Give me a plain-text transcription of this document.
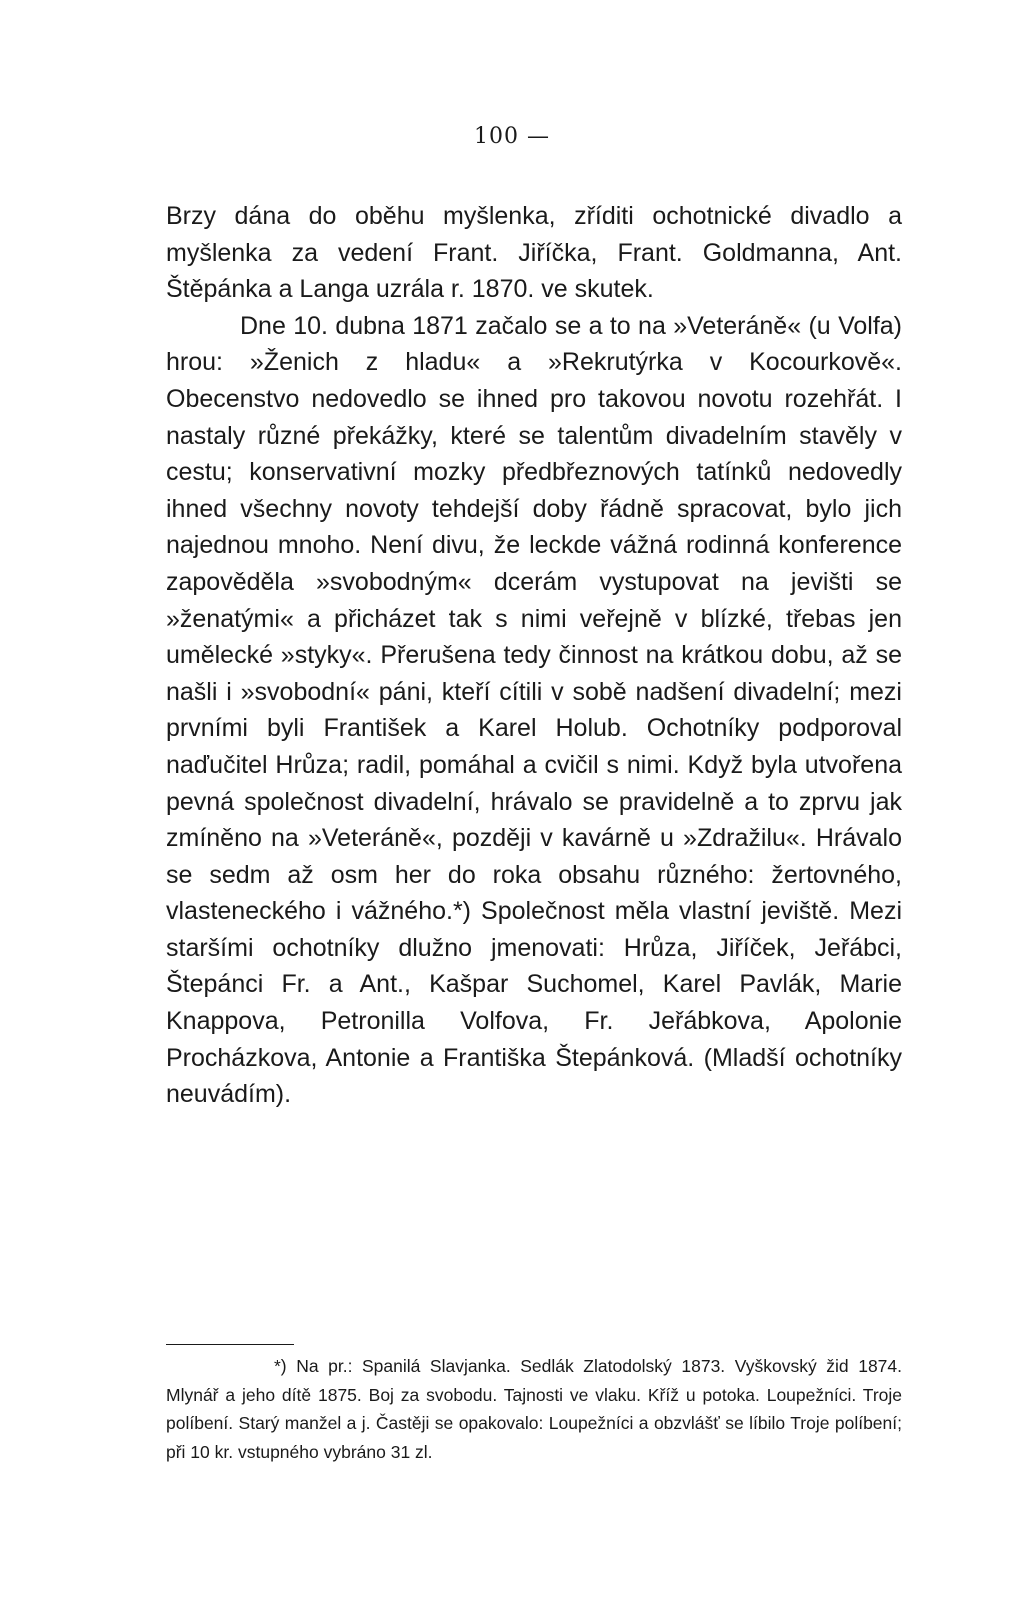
100 —

Brzy dána do oběhu myšlenka, zříditi ochotnické divadlo a myšlenka za vedení Frant. Jiříčka, Frant. Goldmanna, Ant. Štěpánka a Langa uzrála r. 1870. ve skutek.

Dne 10. dubna 1871 začalo se a to na »Veteráně« (u Volfa) hrou: »Ženich z hladu« a »Rekrutýrka v Kocourkově«. Obecenstvo nedovedlo se ihned pro takovou novotu rozehřát. I nastaly různé překážky, které se talentům divadelním stavěly v cestu; konservativní mozky předbřeznových tatínků nedovedly ihned všechny novoty tehdejší doby řádně spracovat, bylo jich najednou mnoho. Není divu, že leckde vážná rodinná konference zapověděla »svobodným« dcerám vystupovat na jevišti se »ženatými« a přicházet tak s nimi veřejně v blízké, třebas jen umělecké »styky«. Přerušena tedy činnost na krátkou dobu, až se našli i »svobodní« páni, kteří cítili v sobě nadšení divadelní; mezi prvními byli František a Karel Holub. Ochotníky podporoval naďučitel Hrůza; radil, pomáhal a cvičil s nimi. Když byla utvořena pevná společnost divadelní, hrávalo se pravidelně a to zprvu jak zmíněno na »Veteráně«, později v kavárně u »Zdražilu«. Hrávalo se sedm až osm her do roka obsahu různého: žertovného, vlasteneckého i vážného.*) Společnost měla vlastní jeviště. Mezi staršími ochotníky dlužno jmenovati: Hrůza, Jiříček, Jeřábci, Štepánci Fr. a Ant., Kašpar Suchomel, Karel Pavlák, Marie Knappova, Petronilla Volfova, Fr. Jeřábkova, Apolonie Procházkova, Antonie a Františka Štepánková. (Mladší ochotníky neuvádím).

*) Na pr.: Spanilá Slavjanka. Sedlák Zlatodolský 1873. Vyškovský žid 1874. Mlynář a jeho dítě 1875. Boj za svobodu. Tajnosti ve vlaku. Kříž u potoka. Loupežníci. Troje políbení. Starý manžel a j. Častěji se opakovalo: Loupežníci a obzvlášť se líbilo Troje políbení; při 10 kr. vstupného vybráno 31 zl.
